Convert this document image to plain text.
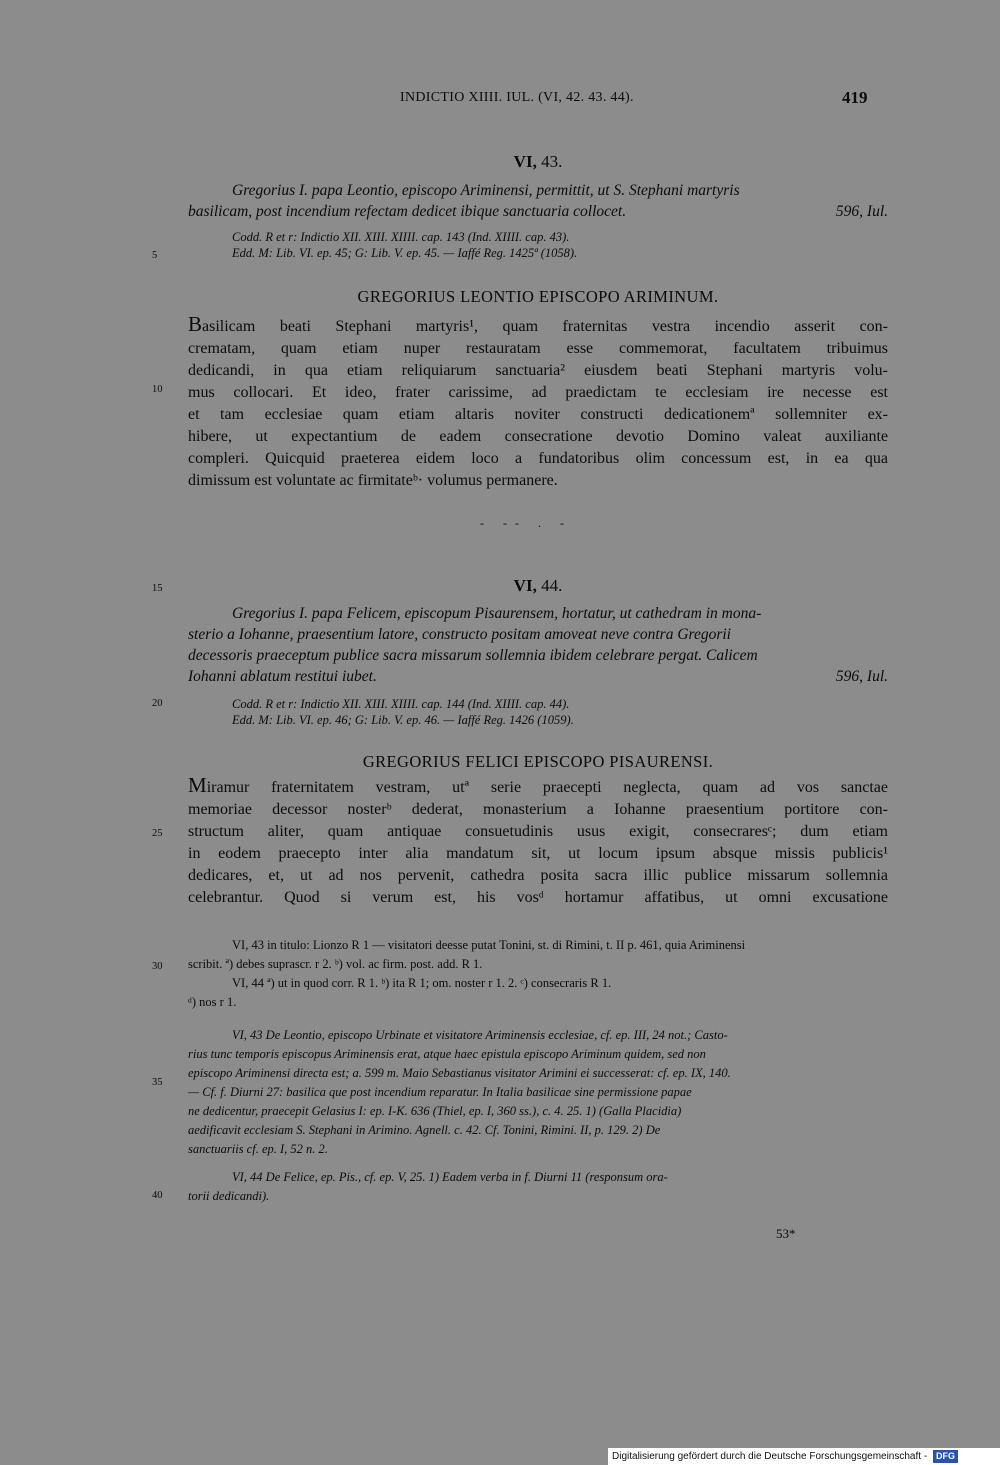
INDICTIO XIIII. IUL. (VI, 42. 43. 44).	419
VI, 43.

Gregorius I. papa Leontio, episcopo Ariminensi, permittit, ut S. Stephani martyris

basilicam, post incendium refectam dedicet ibique sanctuaria collocet.	596, Iul.

Codd. R et r: Indictio XII. XIII. XIIII. cap. 143 (Ind. XIIII. cap. 43).
Edd. M: Lib. VI. ep. 45; G: Lib. V. ep. 45. — Iaffé Reg. 1425ª (1058).
GREGORIUS LEONTIO EPISCOPO ARIMINUM.
Basilicam beati Stephani martyris¹, quam fraternitas vestra incendio asserit con-
crematam, quam etiam nuper restauratam esse commemorat, facultatem tribuimus
dedicandi, in qua etiam reliquiarum sanctuaria² eiusdem beati Stephani martyris volu-
mus collocari. Et ideo, frater carissime, ad praedictam te ecclesiam ire necesse est
et tam ecclesiae quam etiam altaris noviter constructi dedicationemª sollemniter ex-
hibere, ut expectantium de eadem consecratione devotio Domino valeat auxiliante
compleri. Quicquid praeterea eidem loco a fundatoribus olim concessum est, in ea qua
dimissum est voluntate ac firmitateᵇ· volumus permanere.
- -- . -
VI, 44.

Gregorius I. papa Felicem, episcopum Pisaurensem, hortatur, ut cathedram in mona-

sterio a Iohanne, praesentium latore, constructo positam amoveat neve contra Gregorii

decessoris praeceptum publice sacra missarum sollemnia ibidem celebrare pergat. Calicem

Iohanni ablatum restitui iubet.	596, Iul.

Codd. R et r: Indictio XII. XIII. XIIII. cap. 144 (Ind. XIIII. cap. 44).
Edd. M: Lib. VI. ep. 46; G: Lib. V. ep. 46. — Iaffé Reg. 1426 (1059).
GREGORIUS FELICI EPISCOPO PISAURENSI.
Miramur fraternitatem vestram, utª serie praecepti neglecta, quam ad vos sanctae
memoriae decessor nosterᵇ dederat, monasterium a Iohanne praesentium portitore con-
structum aliter, quam antiquae consuetudinis usus exigit, consecraresᶜ; dum etiam
in eodem praecepto inter alia mandatum sit, ut locum ipsum absque missis publicis¹
dedicares, et, ut ad nos pervenit, cathedra posita sacra illic publice missarum sollemnia
celebrantur. Quod si verum est, his vosᵈ hortamur affatibus, ut omni excusatione
VI, 43 in titulo: Lionzo R 1 — visitatori deesse putat Tonini, st. di Rimini, t. II p. 461, quia Ariminensi
scribit. ª) debes suprascr. r 2. ᵇ) vol. ac firm. post. add. R 1.
VI, 44 ª) ut in quod corr. R 1. ᵇ) ita R 1; om. noster r 1. 2. ᶜ) consecraris R 1.
ᵈ) nos r 1.
VI, 43 De Leontio, episcopo Urbinate et visitatore Ariminensis ecclesiae, cf. ep. III, 24 not.; Casto-
rius tunc temporis episcopus Ariminensis erat, atque haec epistula episcopo Ariminum quidem, sed non
episcopo Ariminensi directa est; a. 599 m. Maio Sebastianus visitator Arimini ei successerat: cf. ep. IX, 140.
— Cf. f. Diurni 27: basilica que post incendium reparatur. In Italia basilicae sine permissione papae
ne dedicentur, praecepit Gelasius I: ep. I-K. 636 (Thiel, ep. I, 360 ss.), c. 4. 25. 1) (Galla Placidia)
aedificavit ecclesiam S. Stephani in Arimino. Agnell. c. 42. Cf. Tonini, Rimini. II, p. 129. 2) De
sanctuariis cf. ep. I, 52 n. 2.
VI, 44 De Felice, ep. Pis., cf. ep. V, 25. 1) Eadem verba in f. Diurni 11 (responsum ora-
torii dedicandi).
53*
5
10
15
20
25
30
35
40
Digitalisierung gefördert durch die Deutsche Forschungsgemeinschaft - DFG
